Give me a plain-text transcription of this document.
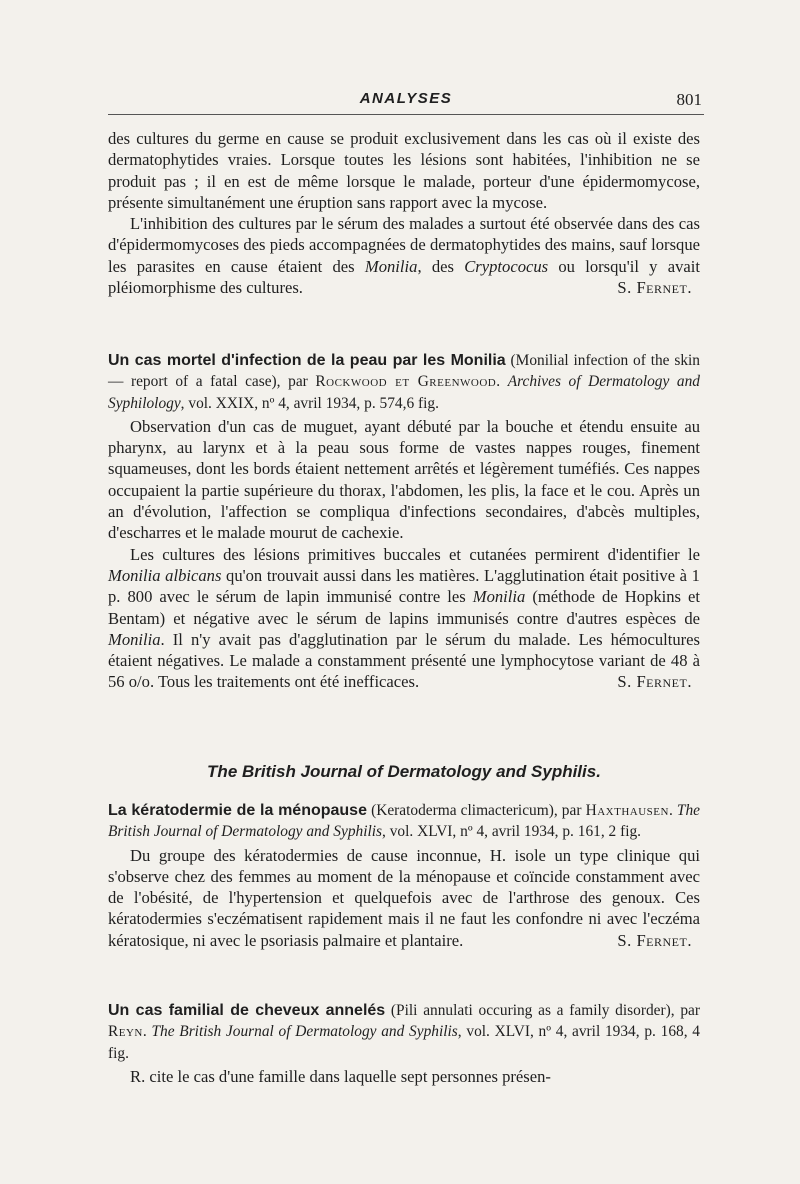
ANALYSES	801

des cultures du germe en cause se produit exclusivement dans les cas où il existe des dermatophytides vraies. Lorsque toutes les lésions sont habitées, l'inhibition ne se produit pas ; il en est de même lorsque le malade, porteur d'une épidermomycose, présente simultanément une éruption sans rapport avec la mycose.

L'inhibition des cultures par le sérum des malades a surtout été observée dans des cas d'épidermomycoses des pieds accompagnées de dermatophytides des mains, sauf lorsque les parasites en cause étaient des Monilia, des Cryptococus ou lorsqu'il y avait pléiomorphisme des cultures.	S. Fernet.

Un cas mortel d'infection de la peau par les Monilia (Monilial infection of the skin — report of a fatal case), par Rockwood et Greenwood. Archives of Dermatology and Syphilology, vol. XXIX, nº 4, avril 1934, p. 574,6 fig.

Observation d'un cas de muguet, ayant débuté par la bouche et étendu ensuite au pharynx, au larynx et à la peau sous forme de vastes nappes rouges, finement squameuses, dont les bords étaient nettement arrêtés et légèrement tuméfiés. Ces nappes occupaient la partie supérieure du thorax, l'abdomen, les plis, la face et le cou. Après un an d'évolution, l'affection se compliqua d'infections secondaires, d'abcès multiples, d'escharres et le malade mourut de cachexie.

Les cultures des lésions primitives buccales et cutanées permirent d'identifier le Monilia albicans qu'on trouvait aussi dans les matières. L'agglutination était positive à 1 p. 800 avec le sérum de lapin immunisé contre les Monilia (méthode de Hopkins et Bentam) et négative avec le sérum de lapins immunisés contre d'autres espèces de Monilia. Il n'y avait pas d'agglutination par le sérum du malade. Les hémocultures étaient négatives. Le malade a constamment présenté une lymphocytose variant de 48 à 56 o/o. Tous les traitements ont été inefficaces.	S. Fernet.

The British Journal of Dermatology and Syphilis.

La kératodermie de la ménopause (Keratoderma climactericum), par Haxthausen. The British Journal of Dermatology and Syphilis, vol. XLVI, nº 4, avril 1934, p. 161, 2 fig.

Du groupe des kératodermies de cause inconnue, H. isole un type clinique qui s'observe chez des femmes au moment de la ménopause et coïncide constamment avec de l'obésité, de l'hypertension et quelquefois avec de l'arthrose des genoux. Ces kératodermies s'eczématisent rapidement mais il ne faut les confondre ni avec l'eczéma kératosique, ni avec le psoriasis palmaire et plantaire.	S. Fernet.

Un cas familial de cheveux annelés (Pili annulati occuring as a family disorder), par Reyn. The British Journal of Dermatology and Syphilis, vol. XLVI, nº 4, avril 1934, p. 168, 4 fig.

R. cite le cas d'une famille dans laquelle sept personnes présen-
